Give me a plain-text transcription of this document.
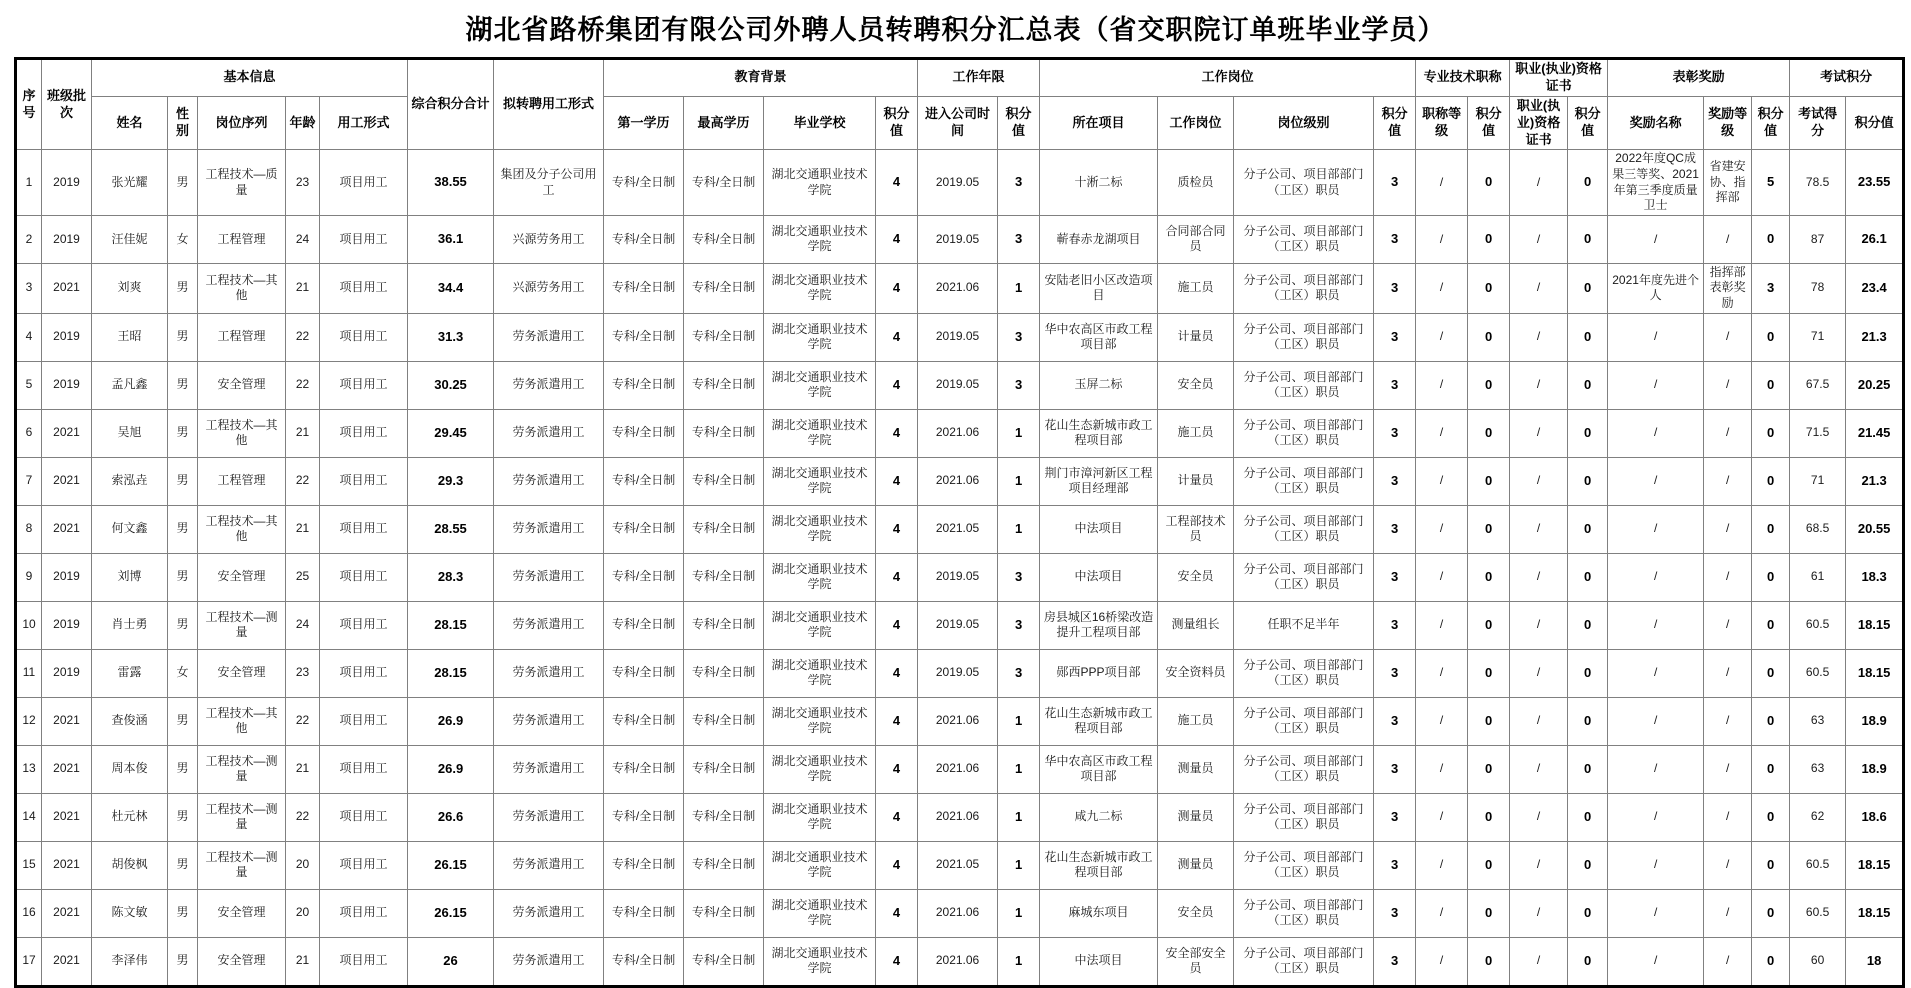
湖北省路桥集团有限公司外聘人员转聘积分汇总表（省交职院订单班毕业学员）
序号	班级批次	基本信息					综合积分合计	拟转聘用工形式	教育背景				工作年限		工作岗位				专业技术职称		职业(执业)资格证书		表彰奖励			考试积分	
		姓名	性别	岗位序列	年龄	用工形式			第一学历	最高学历	毕业学校	积分值	进入公司时间	积分值	所在项目	工作岗位	岗位级别	积分值	职称等级	积分值	职业(执业)资格证书	积分值	奖励名称	奖励等级	积分值	考试得分	积分值
1	2019	张光耀	男	工程技术—质量	23	项目用工	38.55	集团及分子公司用工	专科/全日制	专科/全日制	湖北交通职业技术学院	4	2019.05	3	十淅二标	质检员	分子公司、项目部部门（工区）职员	3	/	0	/	0	2022年度QC成果三等奖、2021年第三季度质量卫士	省建安协、指挥部	5	78.5	23.55
2	2019	汪佳妮	女	工程管理	24	项目用工	36.1	兴源劳务用工	专科/全日制	专科/全日制	湖北交通职业技术学院	4	2019.05	3	蕲春赤龙湖项目	合同部合同员	分子公司、项目部部门（工区）职员	3	/	0	/	0	/	/	0	87	26.1
3	2021	刘爽	男	工程技术—其他	21	项目用工	34.4	兴源劳务用工	专科/全日制	专科/全日制	湖北交通职业技术学院	4	2021.06	1	安陆老旧小区改造项目	施工员	分子公司、项目部部门（工区）职员	3	/	0	/	0	2021年度先进个人	指挥部表彰奖励	3	78	23.4
4	2019	王昭	男	工程管理	22	项目用工	31.3	劳务派遣用工	专科/全日制	专科/全日制	湖北交通职业技术学院	4	2019.05	3	华中农高区市政工程项目部	计量员	分子公司、项目部部门（工区）职员	3	/	0	/	0	/	/	0	71	21.3
5	2019	孟凡鑫	男	安全管理	22	项目用工	30.25	劳务派遣用工	专科/全日制	专科/全日制	湖北交通职业技术学院	4	2019.05	3	玉屏二标	安全员	分子公司、项目部部门（工区）职员	3	/	0	/	0	/	/	0	67.5	20.25
6	2021	吴旭	男	工程技术—其他	21	项目用工	29.45	劳务派遣用工	专科/全日制	专科/全日制	湖北交通职业技术学院	4	2021.06	1	花山生态新城市政工程项目部	施工员	分子公司、项目部部门（工区）职员	3	/	0	/	0	/	/	0	71.5	21.45
7	2021	索泓垚	男	工程管理	22	项目用工	29.3	劳务派遣用工	专科/全日制	专科/全日制	湖北交通职业技术学院	4	2021.06	1	荆门市漳河新区工程项目经理部	计量员	分子公司、项目部部门（工区）职员	3	/	0	/	0	/	/	0	71	21.3
8	2021	何文鑫	男	工程技术—其他	21	项目用工	28.55	劳务派遣用工	专科/全日制	专科/全日制	湖北交通职业技术学院	4	2021.05	1	中法项目	工程部技术员	分子公司、项目部部门（工区）职员	3	/	0	/	0	/	/	0	68.5	20.55
9	2019	刘博	男	安全管理	25	项目用工	28.3	劳务派遣用工	专科/全日制	专科/全日制	湖北交通职业技术学院	4	2019.05	3	中法项目	安全员	分子公司、项目部部门（工区）职员	3	/	0	/	0	/	/	0	61	18.3
10	2019	肖士勇	男	工程技术—测量	24	项目用工	28.15	劳务派遣用工	专科/全日制	专科/全日制	湖北交通职业技术学院	4	2019.05	3	房县城区16桥梁改造提升工程项目部	测量组长	任职不足半年	3	/	0	/	0	/	/	0	60.5	18.15
11	2019	雷露	女	安全管理	23	项目用工	28.15	劳务派遣用工	专科/全日制	专科/全日制	湖北交通职业技术学院	4	2019.05	3	郧西PPP项目部	安全资料员	分子公司、项目部部门（工区）职员	3	/	0	/	0	/	/	0	60.5	18.15
12	2021	查俊涵	男	工程技术—其他	22	项目用工	26.9	劳务派遣用工	专科/全日制	专科/全日制	湖北交通职业技术学院	4	2021.06	1	花山生态新城市政工程项目部	施工员	分子公司、项目部部门（工区）职员	3	/	0	/	0	/	/	0	63	18.9
13	2021	周本俊	男	工程技术—测量	21	项目用工	26.9	劳务派遣用工	专科/全日制	专科/全日制	湖北交通职业技术学院	4	2021.06	1	华中农高区市政工程项目部	测量员	分子公司、项目部部门（工区）职员	3	/	0	/	0	/	/	0	63	18.9
14	2021	杜元林	男	工程技术—测量	22	项目用工	26.6	劳务派遣用工	专科/全日制	专科/全日制	湖北交通职业技术学院	4	2021.06	1	咸九二标	测量员	分子公司、项目部部门（工区）职员	3	/	0	/	0	/	/	0	62	18.6
15	2021	胡俊枫	男	工程技术—测量	20	项目用工	26.15	劳务派遣用工	专科/全日制	专科/全日制	湖北交通职业技术学院	4	2021.05	1	花山生态新城市政工程项目部	测量员	分子公司、项目部部门（工区）职员	3	/	0	/	0	/	/	0	60.5	18.15
16	2021	陈文敏	男	安全管理	20	项目用工	26.15	劳务派遣用工	专科/全日制	专科/全日制	湖北交通职业技术学院	4	2021.06	1	麻城东项目	安全员	分子公司、项目部部门（工区）职员	3	/	0	/	0	/	/	0	60.5	18.15
17	2021	李泽伟	男	安全管理	21	项目用工	26	劳务派遣用工	专科/全日制	专科/全日制	湖北交通职业技术学院	4	2021.06	1	中法项目	安全部安全员	分子公司、项目部部门（工区）职员	3	/	0	/	0	/	/	0	60	18
